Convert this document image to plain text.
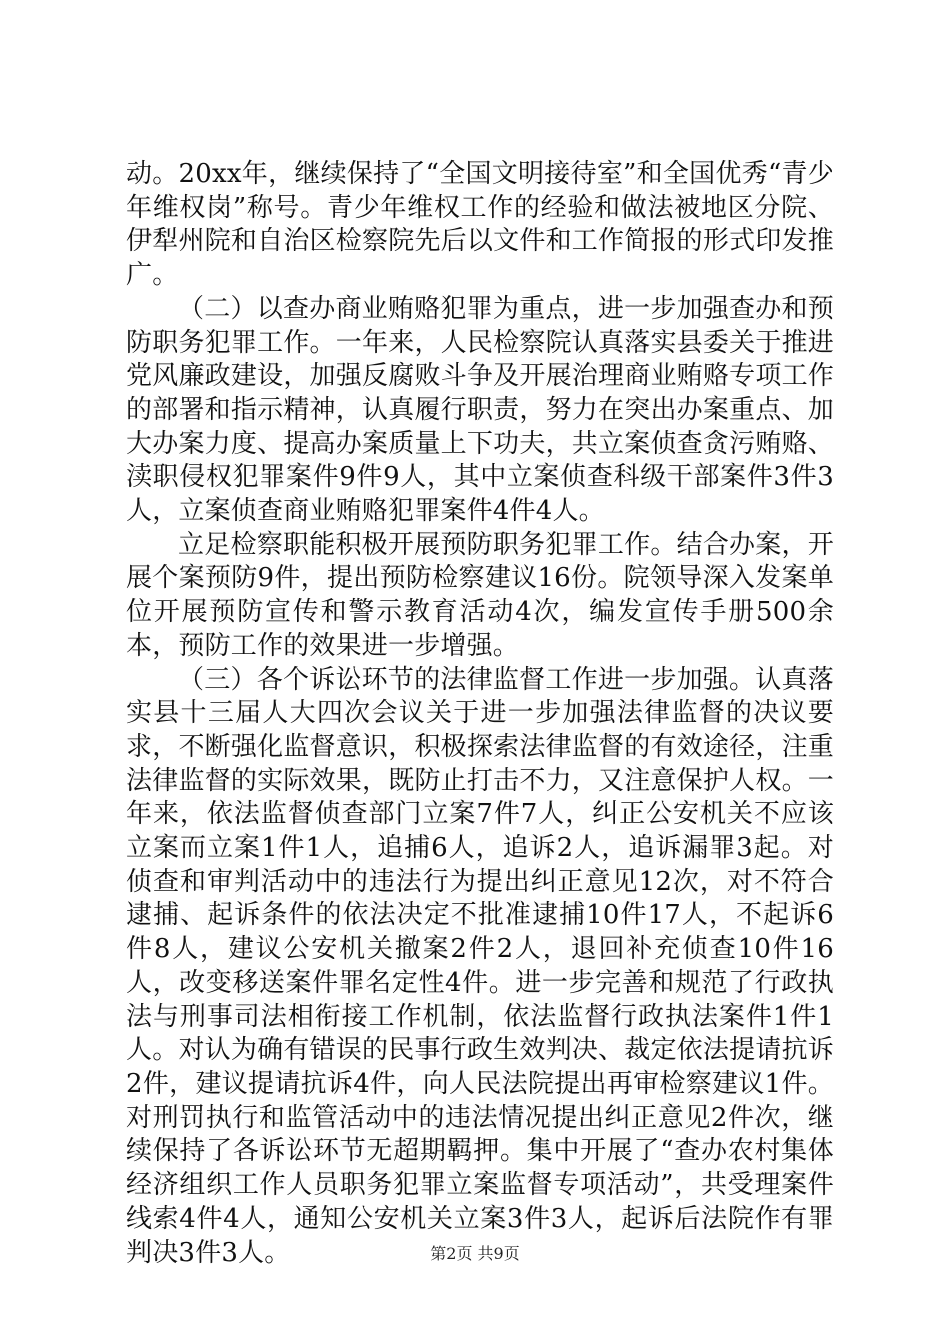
动。20xx年，继续保持了“全国文明接待室”和全国优秀“青少年维权岗”称号。青少年维权工作的经验和做法被地区分院、伊犁州院和自治区检察院先后以文件和工作简报的形式印发推广。

（二）以查办商业贿赂犯罪为重点，进一步加强查办和预防职务犯罪工作。一年来，人民检察院认真落实县委关于推进党风廉政建设，加强反腐败斗争及开展治理商业贿赂专项工作的部署和指示精神，认真履行职责，努力在突出办案重点、加大办案力度、提高办案质量上下功夫，共立案侦查贪污贿赂、渎职侵权犯罪案件9件9人，其中立案侦查科级干部案件3件3人，立案侦查商业贿赂犯罪案件4件4人。

立足检察职能积极开展预防职务犯罪工作。结合办案，开展个案预防9件，提出预防检察建议16份。院领导深入发案单位开展预防宣传和警示教育活动4次，编发宣传手册500余本，预防工作的效果进一步增强。

（三）各个诉讼环节的法律监督工作进一步加强。认真落实县十三届人大四次会议关于进一步加强法律监督的决议要求，不断强化监督意识，积极探索法律监督的有效途径，注重法律监督的实际效果，既防止打击不力，又注意保护人权。一年来，依法监督侦查部门立案7件7人，纠正公安机关不应该立案而立案1件1人，追捕6人，追诉2人，追诉漏罪3起。对侦查和审判活动中的违法行为提出纠正意见12次，对不符合逮捕、起诉条件的依法决定不批准逮捕10件17人，不起诉6件8人，建议公安机关撤案2件2人，退回补充侦查10件16人，改变移送案件罪名定性4件。进一步完善和规范了行政执法与刑事司法相衔接工作机制，依法监督行政执法案件1件1人。对认为确有错误的民事行政生效判决、裁定依法提请抗诉2件，建议提请抗诉4件，向人民法院提出再审检察建议1件。对刑罚执行和监管活动中的违法情况提出纠正意见2件次，继续保持了各诉讼环节无超期羁押。集中开展了“查办农村集体经济组织工作人员职务犯罪立案监督专项活动”，共受理案件线索4件4人，通知公安机关立案3件3人，起诉后法院作有罪判决3件3人。	第2页 共9页
